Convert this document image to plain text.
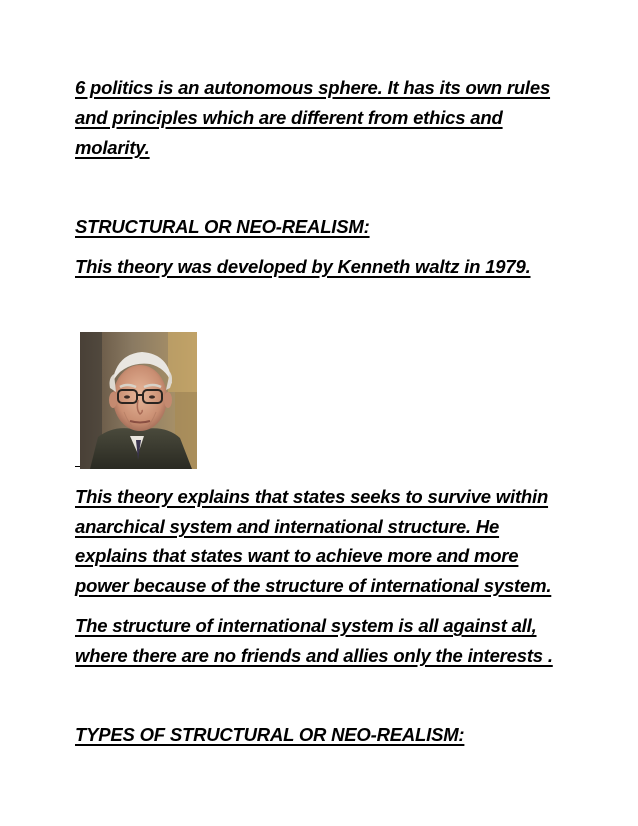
6 politics is an autonomous sphere. It has its own rules
and principles which are different from ethics and
molarity.
STRUCTURAL OR NEO-REALISM:
This theory was developed by Kenneth waltz in 1979.
This theory explains that states seeks to survive within
anarchical system and international structure. He
explains that states want to achieve more and more
power because of the structure of international system.
The structure of international system is all against all,
where there are no friends and allies only the interests .
TYPES OF STRUCTURAL OR NEO-REALISM:
